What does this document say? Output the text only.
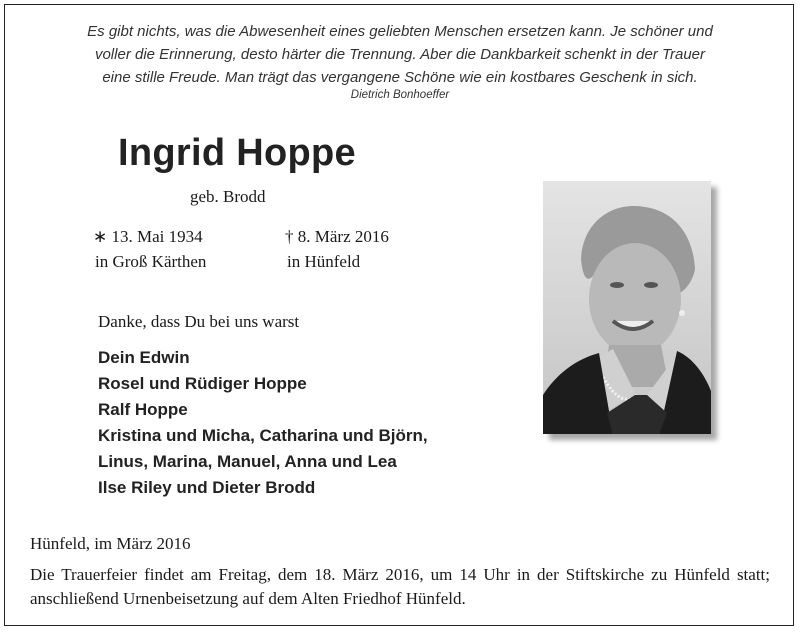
Es gibt nichts, was die Abwesenheit eines geliebten Menschen ersetzen kann. Je schöner und
voller die Erinnerung, desto härter die Trennung. Aber die Dankbarkeit schenkt in der Trauer
eine stille Freude. Man trägt das vergangene Schöne wie ein kostbares Geschenk in sich.
Dietrich Bonhoeffer
Ingrid Hoppe
geb. Brodd
∗ 13. Mai 1934
in Groß Kärthen
† 8. März 2016
in Hünfeld
Danke, dass Du bei uns warst
Dein Edwin
Rosel und Rüdiger Hoppe
Ralf Hoppe
Kristina und Micha, Catharina und Björn,
Linus, Marina, Manuel, Anna und Lea
Ilse Riley und Dieter Brodd
Hünfeld, im März 2016
Die Trauerfeier findet am Freitag, dem 18. März 2016, um 14 Uhr in der Stiftskirche zu Hünfeld statt; anschließend Urnenbeisetzung auf dem Alten Friedhof Hünfeld.
